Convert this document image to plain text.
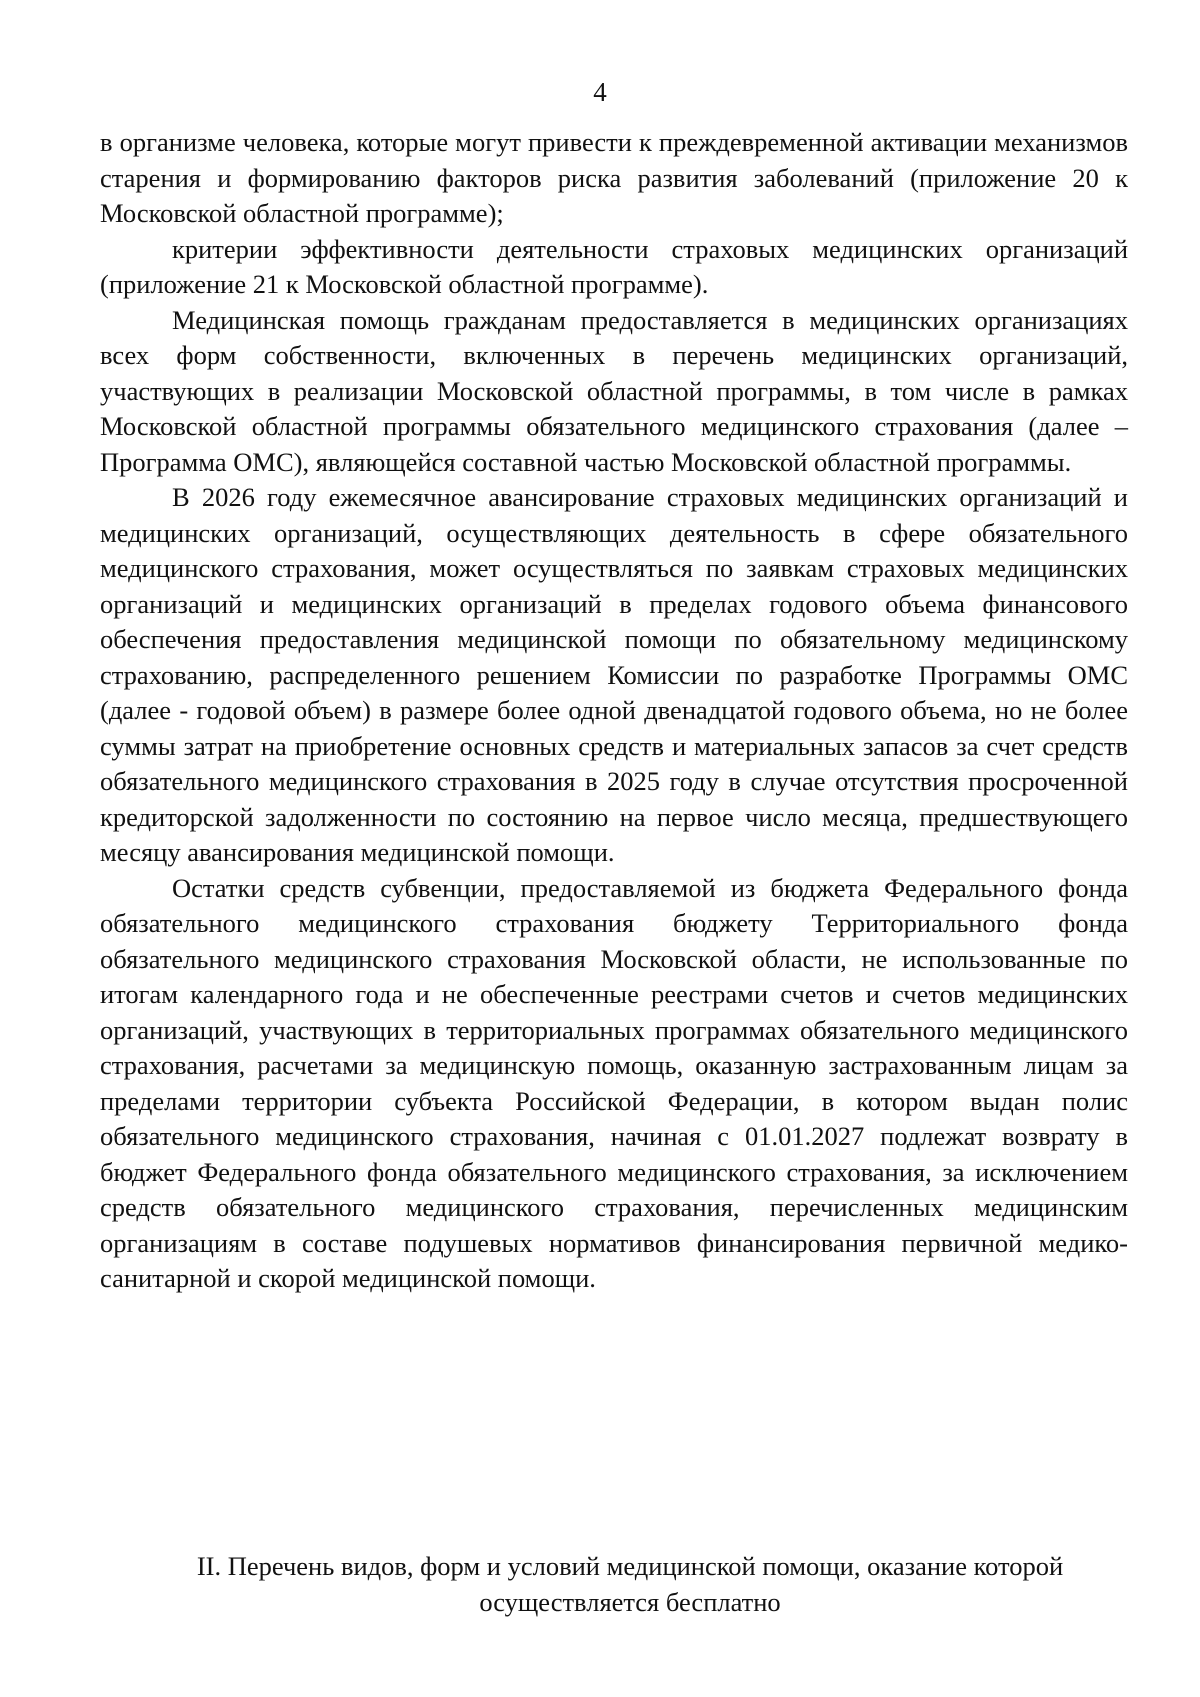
4

в организме человека, которые могут привести к преждевременной активации механизмов старения и формированию факторов риска развития заболеваний (приложение 20 к Московской областной программе);

критерии эффективности деятельности страховых медицинских организаций (приложение 21 к Московской областной программе).

Медицинская помощь гражданам предоставляется в медицинских организациях всех форм собственности, включенных в перечень медицинских организаций, участвующих в реализации Московской областной программы, в том числе в рамках Московской областной программы обязательного медицинского страхования (далее – Программа ОМС), являющейся составной частью Московской областной программы.

В 2026 году ежемесячное авансирование страховых медицинских организаций и медицинских организаций, осуществляющих деятельность в сфере обязательного медицинского страхования, может осуществляться по заявкам страховых медицинских организаций и медицинских организаций в пределах годового объема финансового обеспечения предоставления медицинской помощи по обязательному медицинскому страхованию, распределенного решением Комиссии по разработке Программы ОМС (далее - годовой объем) в размере более одной двенадцатой годового объема, но не более суммы затрат на приобретение основных средств и материальных запасов за счет средств обязательного медицинского страхования в 2025 году в случае отсутствия просроченной кредиторской задолженности по состоянию на первое число месяца, предшествующего месяцу авансирования медицинской помощи.

Остатки средств субвенции, предоставляемой из бюджета Федерального фонда обязательного медицинского страхования бюджету Территориального фонда обязательного медицинского страхования Московской области, не использованные по итогам календарного года и не обеспеченные реестрами счетов и счетов медицинских организаций, участвующих в территориальных программах обязательного медицинского страхования, расчетами за медицинскую помощь, оказанную застрахованным лицам за пределами территории субъекта Российской Федерации, в котором выдан полис обязательного медицинского страхования, начиная с 01.01.2027 подлежат возврату в бюджет Федерального фонда обязательного медицинского страхования, за исключением средств обязательного медицинского страхования, перечисленных медицинским организациям в составе подушевых нормативов финансирования первичной медико-санитарной и скорой медицинской помощи.

II. Перечень видов, форм и условий медицинской помощи, оказание которой
осуществляется бесплатно
